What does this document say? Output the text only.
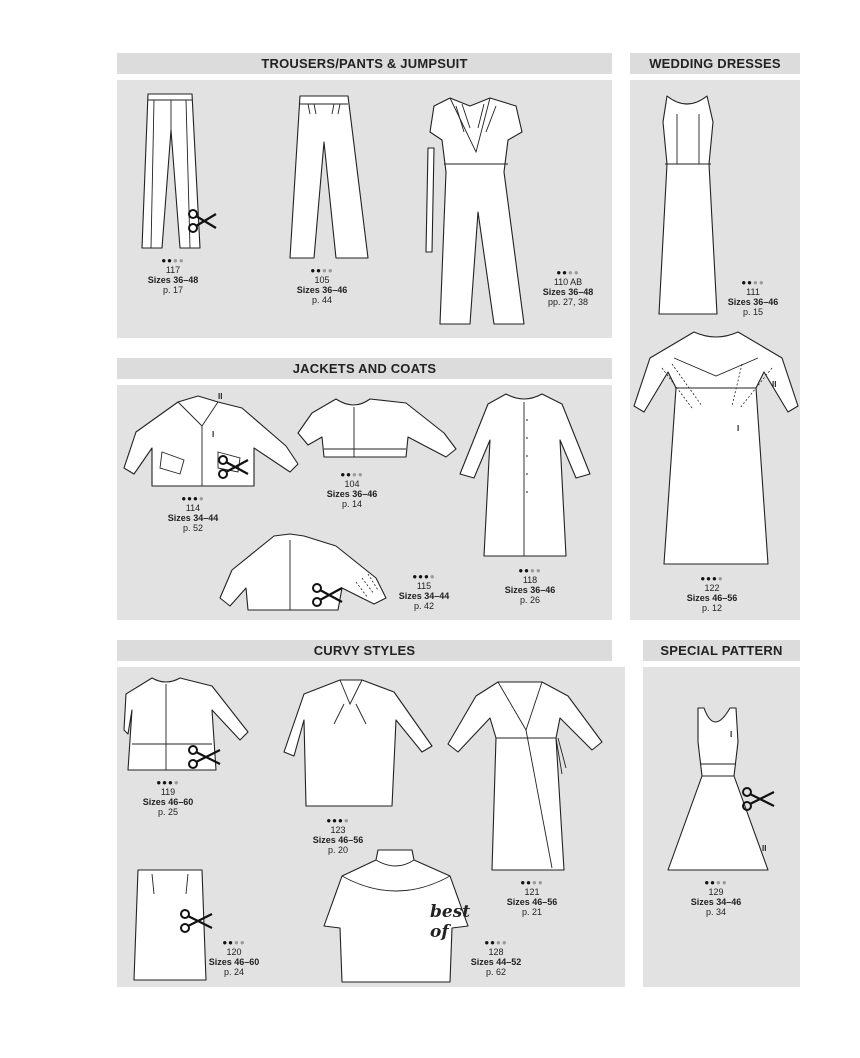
TROUSERS/PANTS & JUMPSUIT	WEDDING DRESSES
JACKETS AND COATS
CURVY STYLES	SPECIAL PATTERN
●●●●
117
Sizes 36–48
p. 17
●●●●
105
Sizes 36–46
p. 44
●●●●
110 AB
Sizes 36–48
pp. 27, 38
●●●●
111
Sizes 36–46
p. 15
I
II
●●●●
122
Sizes 46–56
p. 12
II
I
●●●●
114
Sizes 34–44
p. 52
●●●●
104
Sizes 36–46
p. 14
●●●●
115
Sizes 34–44
p. 42
●●●●
118
Sizes 36–46
p. 26
●●●●
119
Sizes 46–60
p. 25
●●●●
123
Sizes 46–56
p. 20
●●●●
121
Sizes 46–56
p. 21
●●●●
120
Sizes 46–60
p. 24
best of
●●●●
128
Sizes 44–52
p. 62
I
II
●●●●
129
Sizes 34–46
p. 34
